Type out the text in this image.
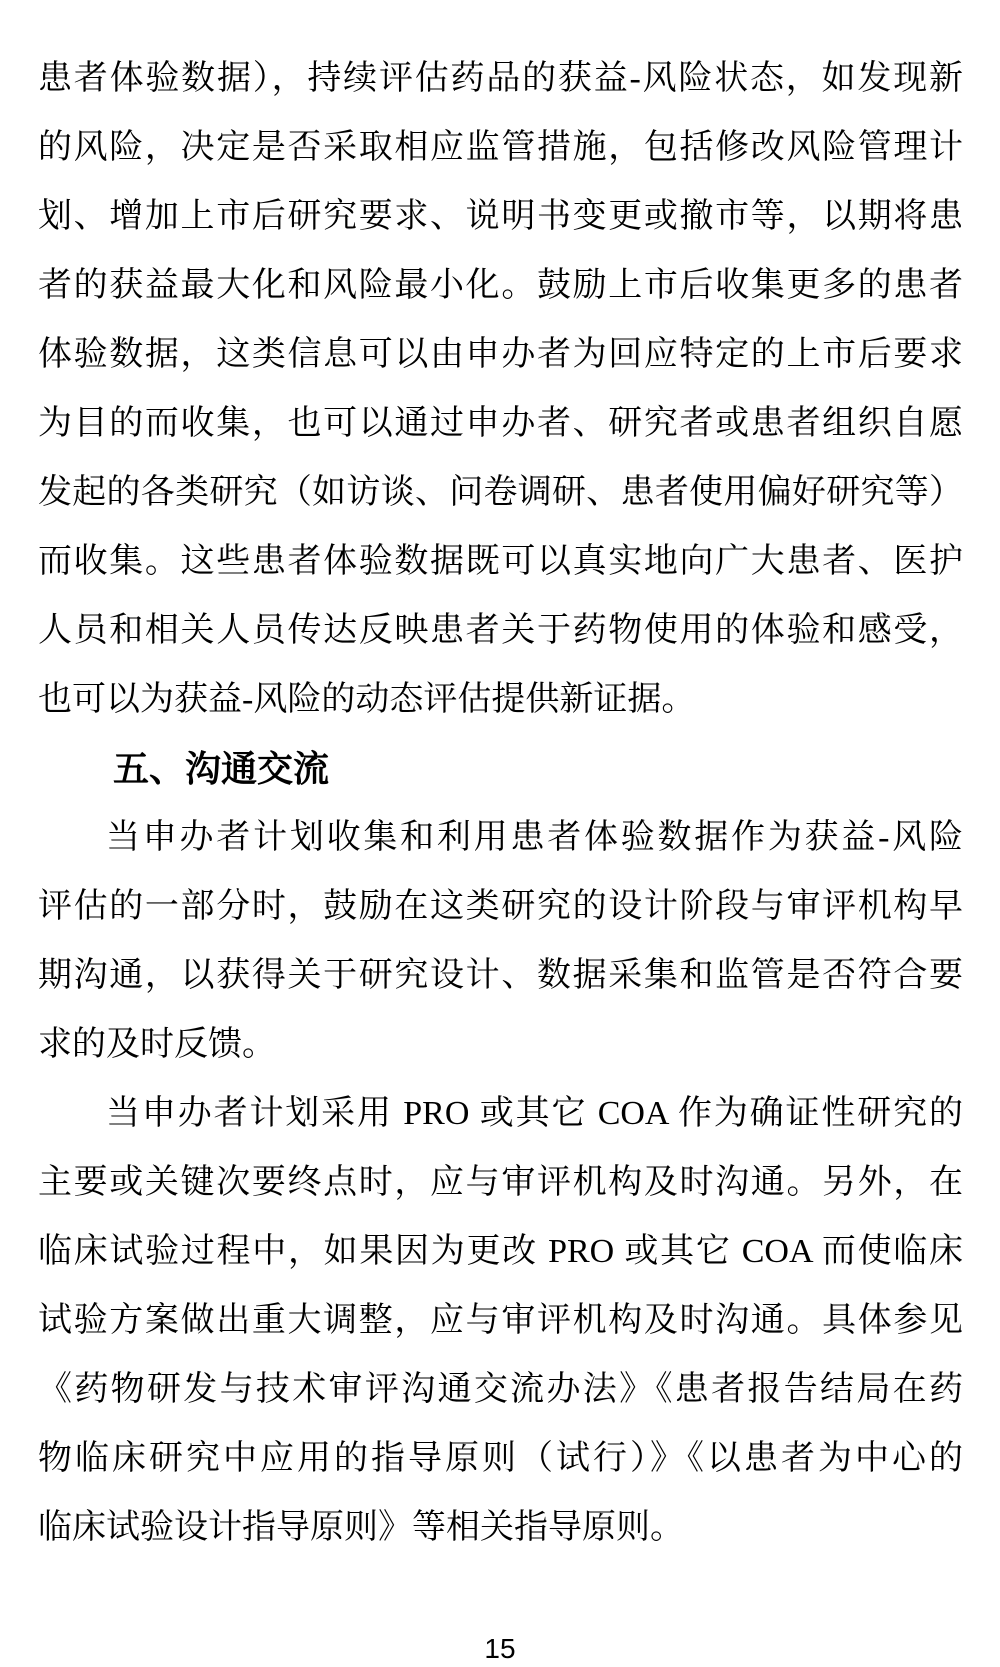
患者体验数据），持续评估药品的获益-风险状态，如发现新
的风险，决定是否采取相应监管措施，包括修改风险管理计
划、增加上市后研究要求、说明书变更或撤市等，以期将患
者的获益最大化和风险最小化。鼓励上市后收集更多的患者
体验数据，这类信息可以由申办者为回应特定的上市后要求
为目的而收集，也可以通过申办者、研究者或患者组织自愿
发起的各类研究（如访谈、问卷调研、患者使用偏好研究等）
而收集。这些患者体验数据既可以真实地向广大患者、医护
人员和相关人员传达反映患者关于药物使用的体验和感受，
也可以为获益-风险的动态评估提供新证据。
五、沟通交流
当申办者计划收集和利用患者体验数据作为获益-风险
评估的一部分时，鼓励在这类研究的设计阶段与审评机构早
期沟通，以获得关于研究设计、数据采集和监管是否符合要
求的及时反馈。
当申办者计划采用 PRO 或其它 COA 作为确证性研究的
主要或关键次要终点时，应与审评机构及时沟通。另外，在
临床试验过程中，如果因为更改 PRO 或其它 COA 而使临床
试验方案做出重大调整，应与审评机构及时沟通。具体参见
《药物研发与技术审评沟通交流办法》《患者报告结局在药
物临床研究中应用的指导原则（试行）》《以患者为中心的
临床试验设计指导原则》等相关指导原则。
15
